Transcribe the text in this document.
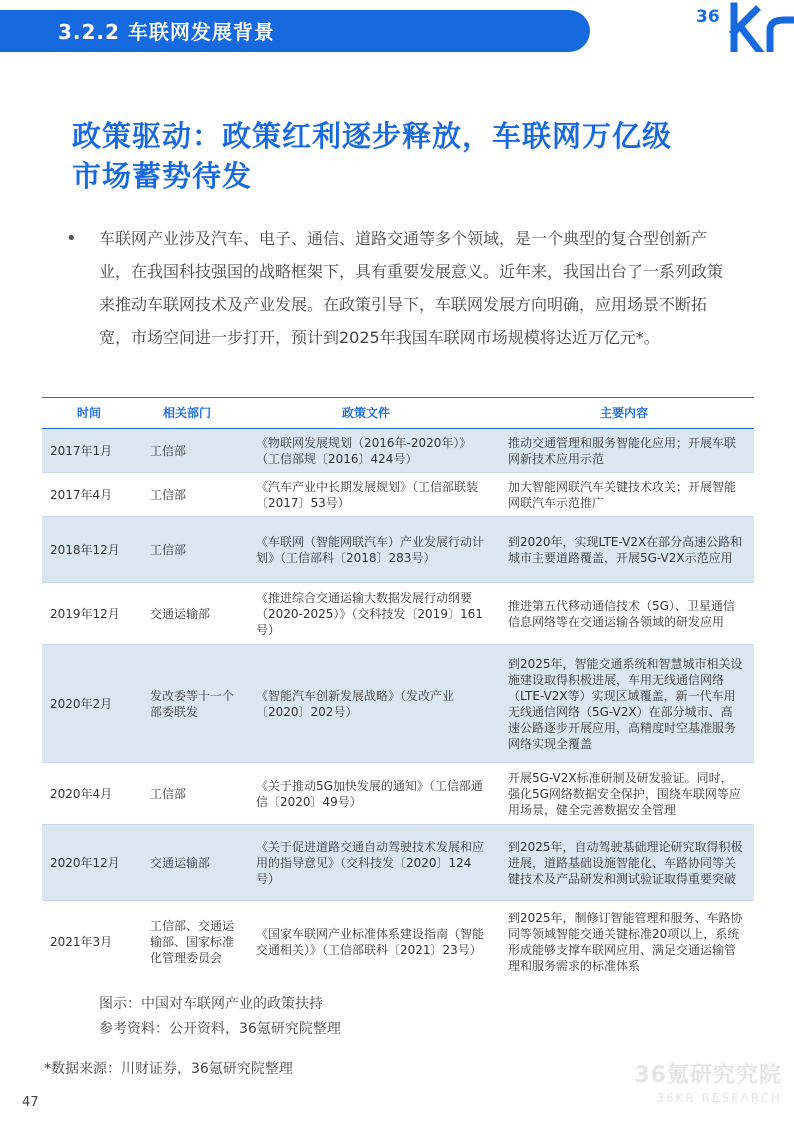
3.2.2 车联网发展背景
36
政策驱动：政策红利逐步释放，车联网万亿级
市场蓄势待发
• 车联网产业涉及汽车、电子、通信、道路交通等多个领域，是一个典型的复合型创新产业，在我国科技强国的战略框架下，具有重要发展意义。近年来，我国出台了一系列政策来推动车联网技术及产业发展。在政策引导下，车联网发展方向明确，应用场景不断拓宽，市场空间进一步打开，预计到2025年我国车联网市场规模将达近万亿元*。
时间	相关部门	政策文件	主要内容
2017年1月	工信部	《物联网发展规划（2016年-2020年）》（工信部规〔2016〕424号）	推动交通管理和服务智能化应用；开展车联网新技术应用示范
2017年4月	工信部	《汽车产业中长期发展规划》（工信部联装〔2017〕53号）	加大智能网联汽车关键技术攻关；开展智能网联汽车示范推广
2018年12月	工信部	《车联网（智能网联汽车）产业发展行动计划》（工信部科〔2018〕283号）	到2020年，实现LTE-V2X在部分高速公路和城市主要道路覆盖，开展5G-V2X示范应用
2019年12月	交通运输部	《推进综合交通运输大数据发展行动纲要（2020-2025）》（交科技发〔2019〕161号）	推进第五代移动通信技术（5G）、卫星通信信息网络等在交通运输各领域的研发应用
2020年2月	发改委等十一个部委联发	《智能汽车创新发展战略》（发改产业〔2020〕202号）	到2025年，智能交通系统和智慧城市相关设施建设取得积极进展，车用无线通信网络（LTE-V2X等）实现区域覆盖，新一代车用无线通信网络（5G-V2X）在部分城市、高速公路逐步开展应用，高精度时空基准服务网络实现全覆盖
2020年4月	工信部	《关于推动5G加快发展的通知》（工信部通信〔2020〕49号）	开展5G-V2X标准研制及研发验证。同时，强化5G网络数据安全保护，围绕车联网等应用场景，健全完善数据安全管理
2020年12月	交通运输部	《关于促进道路交通自动驾驶技术发展和应用的指导意见》（交科技发〔2020〕124号）	到2025年，自动驾驶基础理论研究取得积极进展，道路基础设施智能化、车路协同等关键技术及产品研发和测试验证取得重要突破
2021年3月	工信部、交通运输部、国家标准化管理委员会	《国家车联网产业标准体系建设指南（智能交通相关）》（工信部联科〔2021〕23号）	到2025年，制修订智能管理和服务、车路协同等领域智能交通关键标准20项以上，系统形成能够支撑车联网应用、满足交通运输管理和服务需求的标准体系
图示：中国对车联网产业的政策扶持
参考资料：公开资料，36氪研究院整理
*数据来源：川财证券，36氪研究院整理
47
36氪研究究院
36KR RESEARCH
